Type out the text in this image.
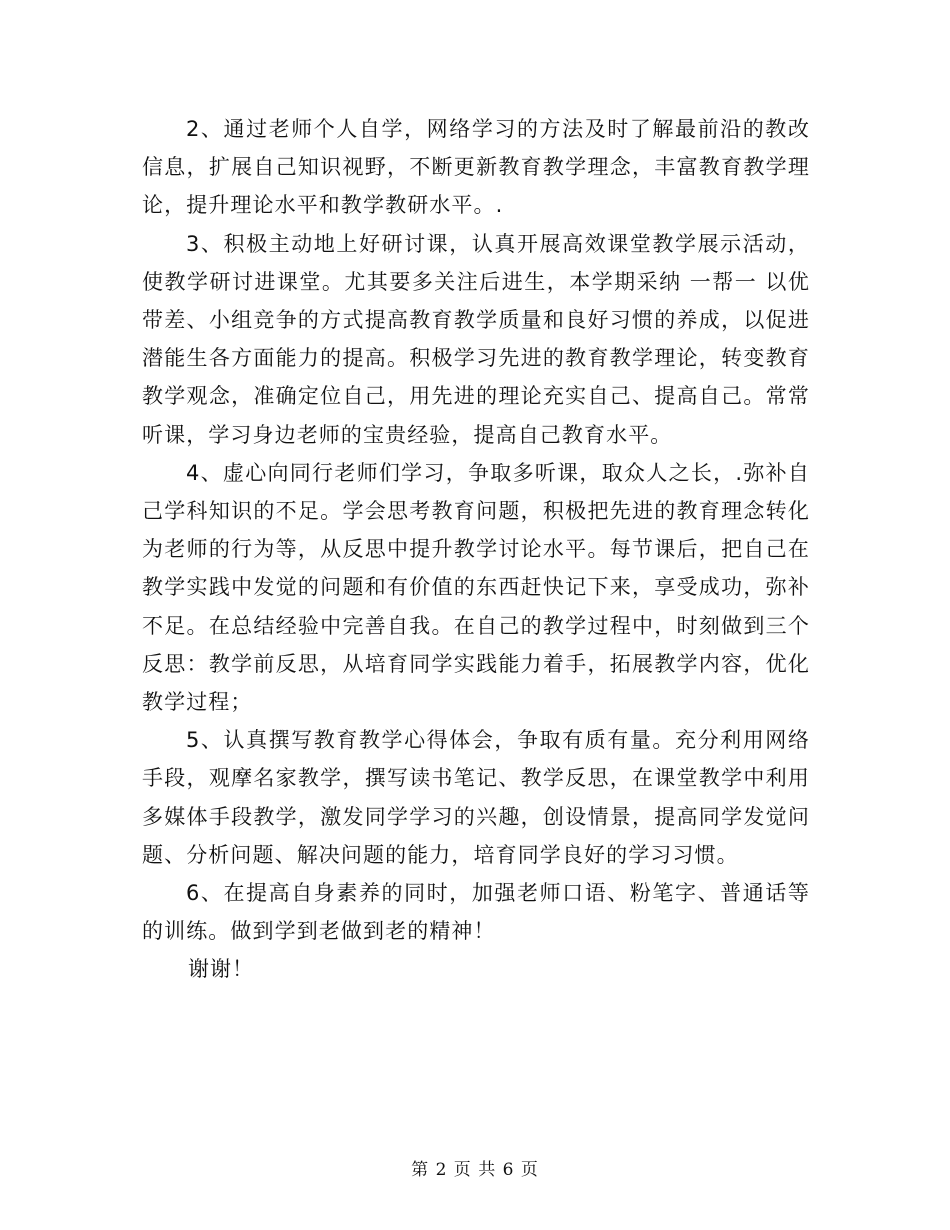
2、通过老师个人自学，网络学习的方法及时了解最前沿的教改信息，扩展自己知识视野，不断更新教育教学理念，丰富教育教学理论，提升理论水平和教学教研水平。.

3、积极主动地上好研讨课，认真开展高效课堂教学展示活动，使教学研讨进课堂。尤其要多关注后进生，本学期采纳 一帮一 以优带差、小组竞争的方式提高教育教学质量和良好习惯的养成，以促进潜能生各方面能力的提高。积极学习先进的教育教学理论，转变教育教学观念，准确定位自己，用先进的理论充实自己、提高自己。常常听课，学习身边老师的宝贵经验，提高自己教育水平。

4、虚心向同行老师们学习，争取多听课，取众人之长，.弥补自己学科知识的不足。学会思考教育问题，积极把先进的教育理念转化为老师的行为等，从反思中提升教学讨论水平。每节课后，把自己在教学实践中发觉的问题和有价值的东西赶快记下来，享受成功，弥补不足。在总结经验中完善自我。在自己的教学过程中，时刻做到三个反思：教学前反思，从培育同学实践能力着手，拓展教学内容，优化教学过程；

5、认真撰写教育教学心得体会，争取有质有量。充分利用网络手段，观摩名家教学，撰写读书笔记、教学反思，在课堂教学中利用多媒体手段教学，激发同学学习的兴趣，创设情景，提高同学发觉问题、分析问题、解决问题的能力，培育同学良好的学习习惯。

6、在提高自身素养的同时，加强老师口语、粉笔字、普通话等的训练。做到学到老做到老的精神！

谢谢！

第 2 页 共 6 页
